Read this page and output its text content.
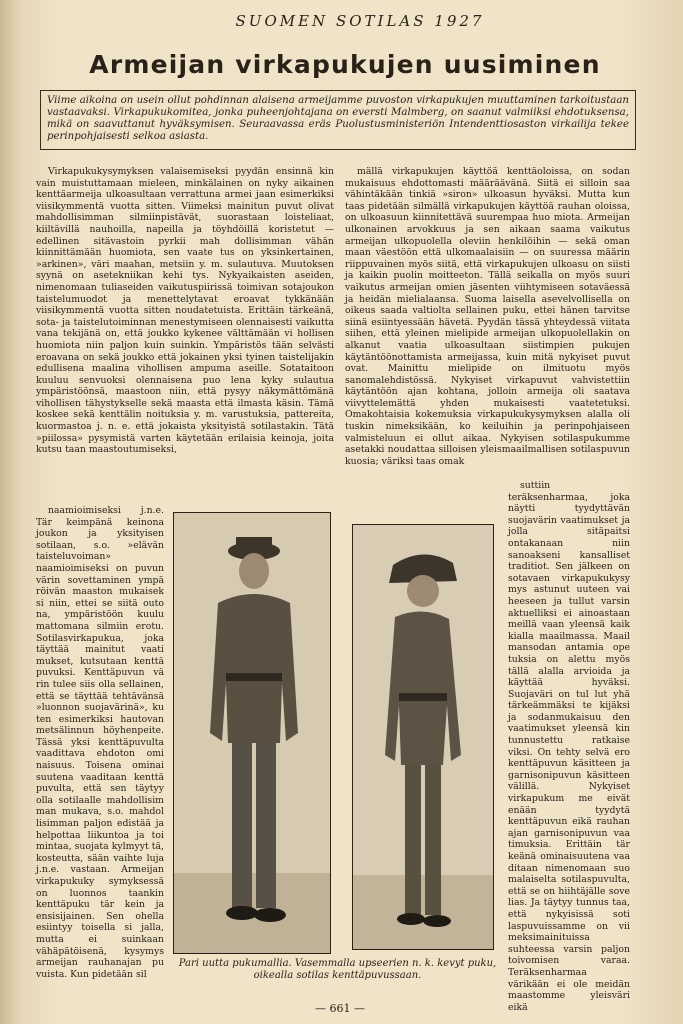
SUOMEN SOTILAS 1927
Armeijan virkapukujen uusiminen
Viime aikoina on usein ollut pohdinnan alaisena armeijamme puvoston virkapukujen muuttaminen tarkoitustaan vastaavaksi. Virkapukukomitea, jonka puheenjohtajana on eversti Malmberg, on saanut valmiiksi ehdotuksensa, mikä on saavuttanut hyväksymisen. Seuraavassa eräs Puolustusministeriön Intendenttiosaston virkailija tekee perinpohjaisesti selkoa asiasta.

Virkapukukysymyksen valaisemiseksi pyydän ensinnä kin vain muistuttamaan mieleen, minkälainen on nyky aikainen kenttäarmeija ulkoasultaan verrattuna armei jaan esimerkiksi viisikymmentä vuotta sitten. Viimeksi mainitun puvut olivat mahdollisimman silmiinpistävät, suorastaan loisteliaat, kiiltävillä nauhoilla, napeilla ja töyhdöillä koristetut — edellinen sitävastoin pyrkii mah dollisimman vähän kiinnittämään huomiota, sen vaate tus on yksinkertainen, »arkinen», väri maahan, metsiin y. m. sulautuva. Muutoksen syynä on asetekniikan kehi tys. Nykyaikaisten aseiden, nimenomaan tuliaseiden vaikutuspiirissä toimivan sotajoukon taistelumuodot ja menettelytavat eroavat tykkänään viisikymmentä vuotta sitten noudatetuista. Erittäin tärkeänä, sota- ja taistelutoiminnan menestymiseen olennaisesti vaikutta vana tekijänä on, että joukko kykenee välttämään vi hollisen huomiota niin paljon kuin suinkin. Ympäristös tään selvästi eroavana on sekä joukko että jokainen yksi tyinen taistelijakin edullisena maalina vihollisen ampuma aseille. Sotataitoon kuuluu senvuoksi olennaisena puo lena kyky sulautua ympäristöönsä, maastoon niin, että pysyy näkymättömänä vihollisen tähystykselle sekä maasta että ilmasta käsin. Tämä koskee sekä kenttälin noituksia y. m. varustuksia, pattereita, kuormastoa j. n. e. että jokaista yksityistä sotilastakin. Tätä »piilossa» pysymistä varten käytetään erilaisia keinoja, joita kutsu taan maastoutumiseksi,

naamioimiseksi j.n.e. Tär keimpänä keinona joukon ja yksityisen sotilaan, s.o. »elävän taisteluvoiman» naamioimiseksi on puvun värin sovettaminen ympä röivän maaston mukaisek si niin, ettei se siitä outo na, ympäristöön kuulu mattomana silmiin erotu. Sotilasvirkapukua, joka täyttää mainitut vaati mukset, kutsutaan kenttä puvuksi. Kenttäpuvun vä rin tulee siis olla sellainen, että se täyttää tehtävänsä »luonnon suojavärinä», ku ten esimerkiksi hautovan metsälinnun höyhenpeite. Tässä yksi kenttäpuvulta vaadittava ehdoton omi naisuus. Toisena ominai suutena vaaditaan kenttä puvulta, että sen täytyy olla sotilaalle mahdollisim man mukava, s.o. mahdol lisimman paljon edistää ja helpottaa liikuntoa ja toi mintaa, suojata kylmyyt tä, kosteutta, sään vaihte luja j.n.e. vastaan. Armeijan virkapukuky symyksessä on luonnos taankin kenttäpuku tär kein ja ensisijainen. Sen ohella esiintyy toisella si jalla, mutta ei suinkaan vähäpätöisenä, kysymys armeijan rauhanajan pu vuista. Kun pidetään sil

mällä virkapukujen käyttöä kenttäoloissa, on sodan mukaisuus ehdottomasti määräävänä. Siitä ei silloin saa vähintäkään tinkiä »siron» ulkoasun hyväksi. Mutta kun taas pidetään silmällä virkapukujen käyttöä rauhan oloissa, on ulkoasuun kiinnitettävä suurempaa huo miota. Armeijan ulkonainen arvokkuus ja sen aikaan saama vaikutus armeijan ulkopuolella oleviin henkilöihin — sekä oman maan väestöön että ulkomaalaisiin — on suuressa määrin riippuvainen myös siitä, että virkapukujen ulkoasu on siisti ja kaikin puolin moitteeton. Tällä seikalla on myös suuri vaikutus armeijan omien jäsenten viihtymiseen sotaväessä ja heidän mielialaansa. Suoma laisella asevelvollisella on oikeus saada valtiolta sellainen puku, ettei hänen tarvitse siinä esiintyessään hävetä. Pyydän tässä yhteydessä viitata siihen, että yleinen mielipide armeijan ulkopuolellakin on alkanut vaatia ulkoasultaan siistimpien pukujen käytäntöönottamista armeijassa, kuin mitä nykyiset puvut ovat. Mainittu mielipide on ilmituotu myös sanomalehdistössä. Nykyiset virkapuvut vahvistettiin käytäntöön ajan kohtana, jolloin armeija oli saatava viivyttelemättä yhden mukaisesti vaatetetuksi. Omakohtaisia kokemuksia virkapukukysymyksen alalla oli tuskin nimeksikään, ko keiluihin ja perinpohjaiseen valmisteluun ei ollut aikaa. Nykyisen sotilaspukumme asetakki noudattaa silloisen yleismaailmallisen sotilaspuvun kuosia; väriksi taas omak

suttiin teräksenharmaa, joka näytti tyydyttävän suojavärin vaatimukset ja jolla sitäpaitsi ontakanaan niin sanoakseni kansalliset traditiot. Sen jälkeen on sotavaen virkapukukysy mys astunut uuteen vai heeseen ja tullut varsin aktuelliksi ei ainoastaan meillä vaan yleensä kaik kialla maailmassa. Maail mansodan antamia ope tuksia on alettu myös tällä alalla arvioida ja käyttää hyväksi. Suojaväri on tul lut yhä tärkeämmäksi te kijäksi ja sodanmukaisuu den vaatimukset yleensä kin tunnustettu ratkaise viksi. On tehty selvä ero kenttäpuvun käsitteen ja garnisonipuvun käsitteen välillä. Nykyiset virkapukum me eivät enään tyydytä kenttäpuvun eikä rauhan ajan garnisonipuvun vaa timuksia. Erittäin tär keänä ominaisuutena vaa ditaan nimenomaan suo malaiselta sotilaspuvulta, että se on hiihtäjälle sove lias. Ja täytyy tunnus taa, että nykyisissä soti laspuvuissamme on vii meksimainituissa suhteessa varsin paljon toivomisen varaa. Teräksenharmaa värikään ei ole meidän maastomme yleisväri eikä

Pari uutta pukumallia. Vasemmalla upseerien n. k. kevyt puku, oikealla sotilas kenttäpuvussaan.
— 661 —
